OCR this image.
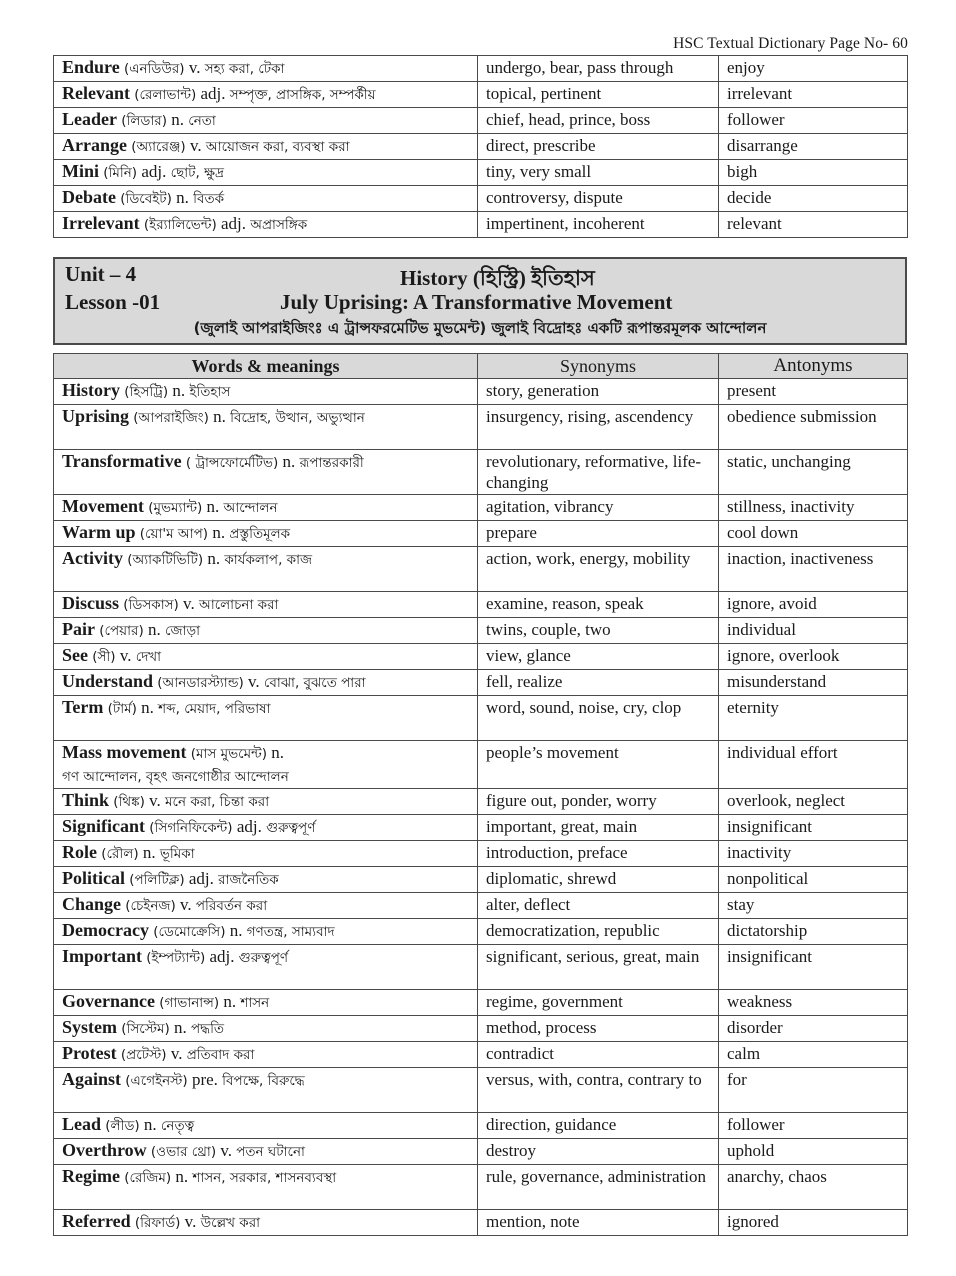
HSC Textual Dictionary Page No- 60
Endure (এনডিউর) v. সহ্য করা, টেকা	undergo, bear, pass through	enjoy
Relevant (রেলাভান্ট) adj. সম্পৃক্ত, প্রাসঙ্গিক, সম্পর্কীয়	topical, pertinent	irrelevant
Leader (লিডার) n. নেতা	chief, head, prince, boss	follower
Arrange (অ্যারেঞ্জ) v. আয়োজন করা, ব্যবস্থা করা	direct, prescribe	disarrange
Mini (মিনি) adj. ছোট, ক্ষুদ্র	tiny, very small	bigh
Debate (ডিবেইট) n. বিতর্ক	controversy, dispute	decide
Irrelevant (ইর‍্যালিভেন্ট) adj. অপ্রাসঙ্গিক	impertinent, incoherent	relevant
Unit – 4	History (হিস্ট্রি) ইতিহাস
Lesson -01	July Uprising: A Transformative Movement
(জুলাই আপরাইজিংঃ এ ট্রান্সফরমেটিভ মুভমেন্ট) জুলাই বিদ্রোহঃ একটি রূপান্তরমূলক আন্দোলন
Words & meanings	Synonyms	Antonyms
History (হিসট্রি) n. ইতিহাস	story, generation	present
Uprising (আপরাইজিং) n. বিদ্রোহ, উত্থান, অভ্যুত্থান	insurgency, rising, ascendency	obedience submission
Transformative ( ট্রান্সফোর্মেটিভ) n. রূপান্তরকারী	revolutionary, reformative, life-changing	static, unchanging
Movement (মুভম্যান্ট) n. আন্দোলন	agitation, vibrancy	stillness, inactivity
Warm up (য়ো'ম আপ) n. প্রস্তুতিমূলক	prepare	cool down
Activity (অ্যাকটিভিটি) n. কার্যকলাপ, কাজ	action, work, energy, mobility	inaction, inactiveness
Discuss (ডিসকাস) v. আলোচনা করা	examine, reason, speak	ignore, avoid
Pair (পেয়ার) n. জোড়া	twins, couple, two	individual
See (সী) v. দেখা	view, glance	ignore, overlook
Understand (আনডারস্ট্যান্ড) v. বোঝা, বুঝতে পারা	fell, realize	misunderstand
Term (টার্ম) n. শব্দ, মেয়াদ, পরিভাষা	word, sound, noise, cry, clop	eternity
Mass movement (মাস মুভমেন্ট) n.
গণ আন্দোলন, বৃহৎ জনগোষ্ঠীর আন্দোলন	people’s movement	individual effort
Think (থিঙ্ক) v. মনে করা, চিন্তা করা	figure out, ponder, worry	overlook, neglect
Significant (সিগনিফিকেন্ট) adj. গুরুত্বপূর্ণ	important, great, main	insignificant
Role (রৌল) n. ভূমিকা	introduction, preface	inactivity
Political (পলিটিক্ল) adj. রাজনৈতিক	diplomatic, shrewd	nonpolitical
Change (চেইনজ) v. পরিবর্তন করা	alter, deflect	stay
Democracy (ডেমোক্রেসি) n. গণতন্ত্র, সাম্যবাদ	democratization, republic	dictatorship
Important (ইম্পট্যান্ট) adj. গুরুত্বপূর্ণ	significant, serious, great, main	insignificant
Governance (গাভানান্স) n. শাসন	regime, government	weakness
System (সিস্টেম) n. পদ্ধতি	method, process	disorder
Protest (প্রটেস্ট) v. প্রতিবাদ করা	contradict	calm
Against (এগেইনস্ট) pre. বিপক্ষে, বিরুদ্ধে	versus, with, contra, contrary to	for
Lead (লীড) n. নেতৃত্ব	direction, guidance	follower
Overthrow (ওভার থ্রো) v. পতন ঘটানো	destroy	uphold
Regime (রেজিম) n. শাসন, সরকার, শাসনব্যবস্থা	rule, governance, administration	anarchy, chaos
Referred (রিফার্ড) v. উল্লেখ করা	mention, note	ignored
